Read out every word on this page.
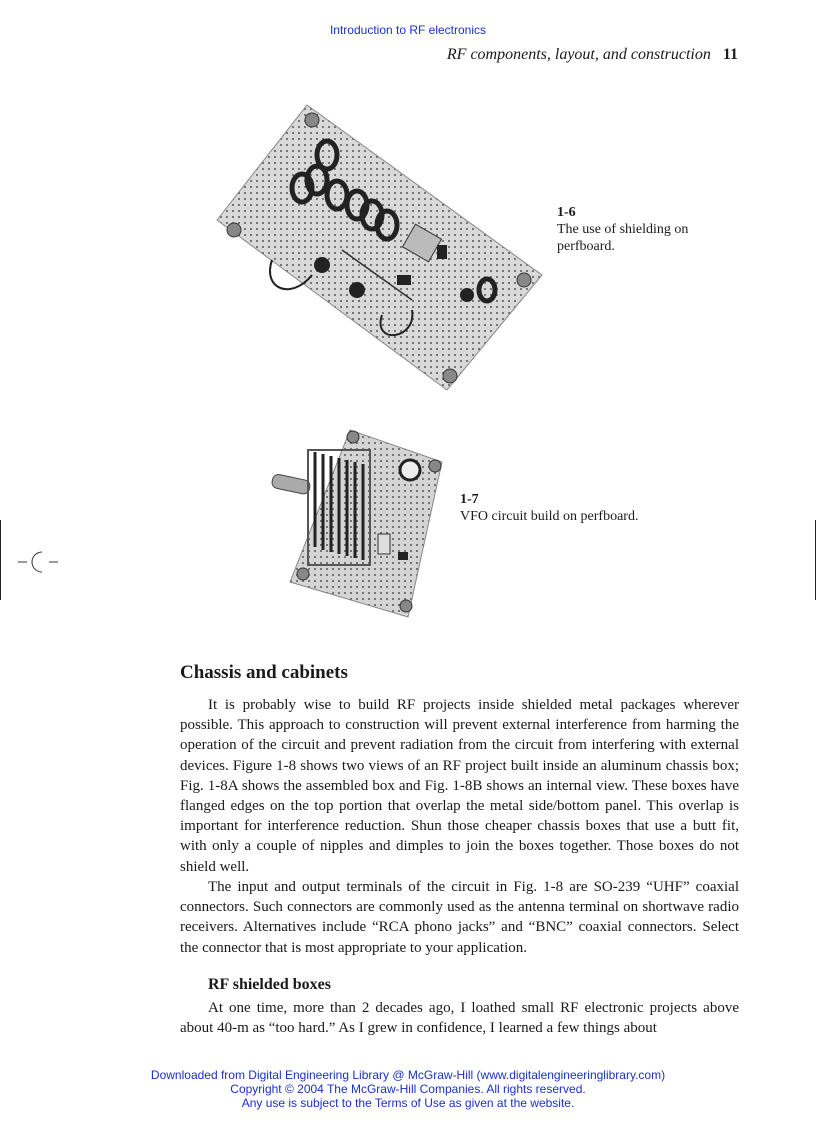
Introduction to RF electronics
RF components, layout, and construction 11
1-6
The use of shielding on perfboard.
1-7
VFO circuit build on perfboard.
Chassis and cabinets

It is probably wise to build RF projects inside shielded metal packages wherever possible. This approach to construction will prevent external interference from harming the operation of the circuit and prevent radiation from the circuit from interfering with external devices. Figure 1-8 shows two views of an RF project built inside an aluminum chassis box; Fig. 1-8A shows the assembled box and Fig. 1-8B shows an internal view. These boxes have flanged edges on the top portion that overlap the metal side/bottom panel. This overlap is important for interference reduction. Shun those cheaper chassis boxes that use a butt fit, with only a couple of nipples and dimples to join the boxes together. Those boxes do not shield well.

The input and output terminals of the circuit in Fig. 1-8 are SO-239 “UHF” coaxial connectors. Such connectors are commonly used as the antenna terminal on shortwave radio receivers. Alternatives include “RCA phono jacks” and “BNC” coaxial connectors. Select the connector that is most appropriate to your application.

RF shielded boxes

At one time, more than 2 decades ago, I loathed small RF electronic projects above about 40-m as “too hard.” As I grew in confidence, I learned a few things about

Downloaded from Digital Engineering Library @ McGraw-Hill (www.digitalengineeringlibrary.com)
Copyright © 2004 The McGraw-Hill Companies. All rights reserved.
Any use is subject to the Terms of Use as given at the website.
